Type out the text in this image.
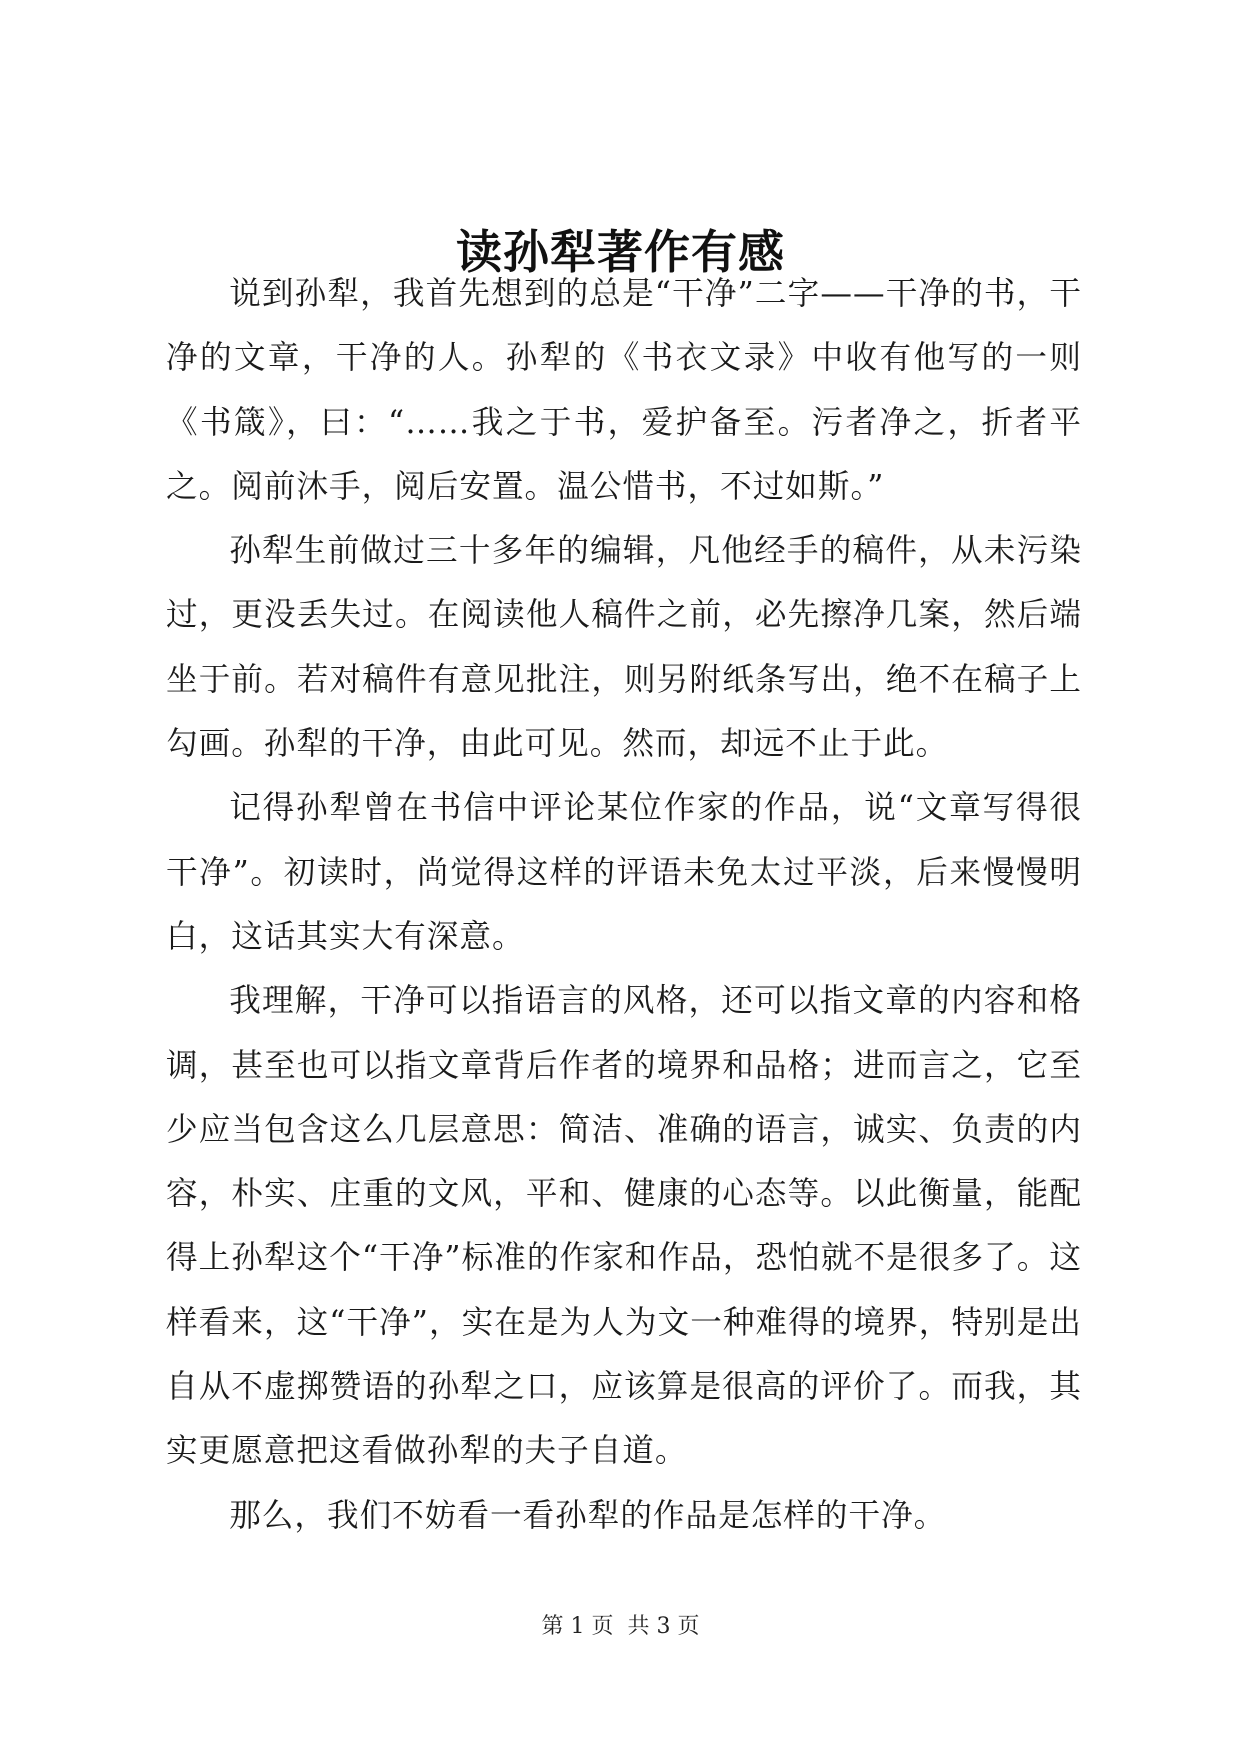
读孙犁著作有感

说到孙犁，我首先想到的总是“干净”二字——干净的书，干净的文章，干净的人。孙犁的《书衣文录》中收有他写的一则《书箴》，曰：“……我之于书，爱护备至。污者净之，折者平之。阅前沐手，阅后安置。温公惜书，不过如斯。”

孙犁生前做过三十多年的编辑，凡他经手的稿件，从未污染过，更没丢失过。在阅读他人稿件之前，必先擦净几案，然后端坐于前。若对稿件有意见批注，则另附纸条写出，绝不在稿子上勾画。孙犁的干净，由此可见。然而，却远不止于此。

记得孙犁曾在书信中评论某位作家的作品，说“文章写得很干净”。初读时，尚觉得这样的评语未免太过平淡，后来慢慢明白，这话其实大有深意。

我理解，干净可以指语言的风格，还可以指文章的内容和格调，甚至也可以指文章背后作者的境界和品格；进而言之，它至少应当包含这么几层意思：简洁、准确的语言，诚实、负责的内容，朴实、庄重的文风，平和、健康的心态等。以此衡量，能配得上孙犁这个“干净”标准的作家和作品，恐怕就不是很多了。这样看来，这“干净”，实在是为人为文一种难得的境界，特别是出自从不虚掷赞语的孙犁之口，应该算是很高的评价了。而我，其实更愿意把这看做孙犁的夫子自道。

那么，我们不妨看一看孙犁的作品是怎样的干净。

第 1 页  共 3 页
